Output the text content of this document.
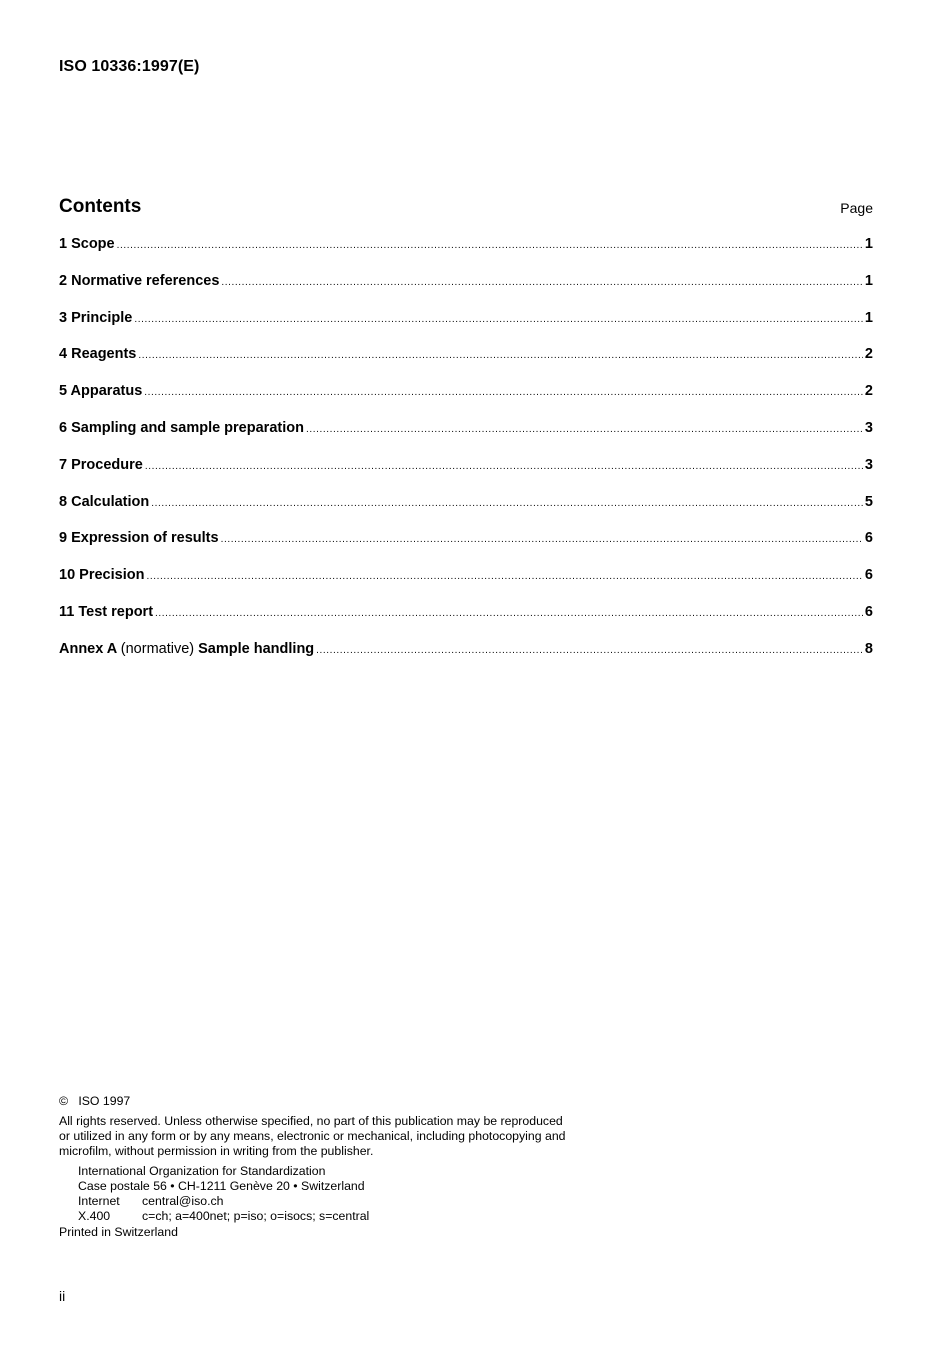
ISO 10336:1997(E)
Contents	Page
1 Scope .....	1
2 Normative references .....	1
3 Principle .....	1
4 Reagents .....	2
5 Apparatus .....	2
6 Sampling and sample preparation .....	3
7 Procedure .....	3
8 Calculation .....	5
9 Expression of results .....	6
10 Precision .....	6
11 Test report .....	6
Annex A (normative) Sample handling .....	8

© ISO 1997

All rights reserved. Unless otherwise specified, no part of this publication may be reproduced

or utilized in any form or by any means, electronic or mechanical, including photocopying and

microfilm, without permission in writing from the publisher.

International Organization for Standardization

Case postale 56 • CH-1211 Genève 20 • Switzerland

Internet	central@iso.ch
X.400	c=ch; a=400net; p=iso; o=isocs; s=central

Printed in Switzerland

ii
